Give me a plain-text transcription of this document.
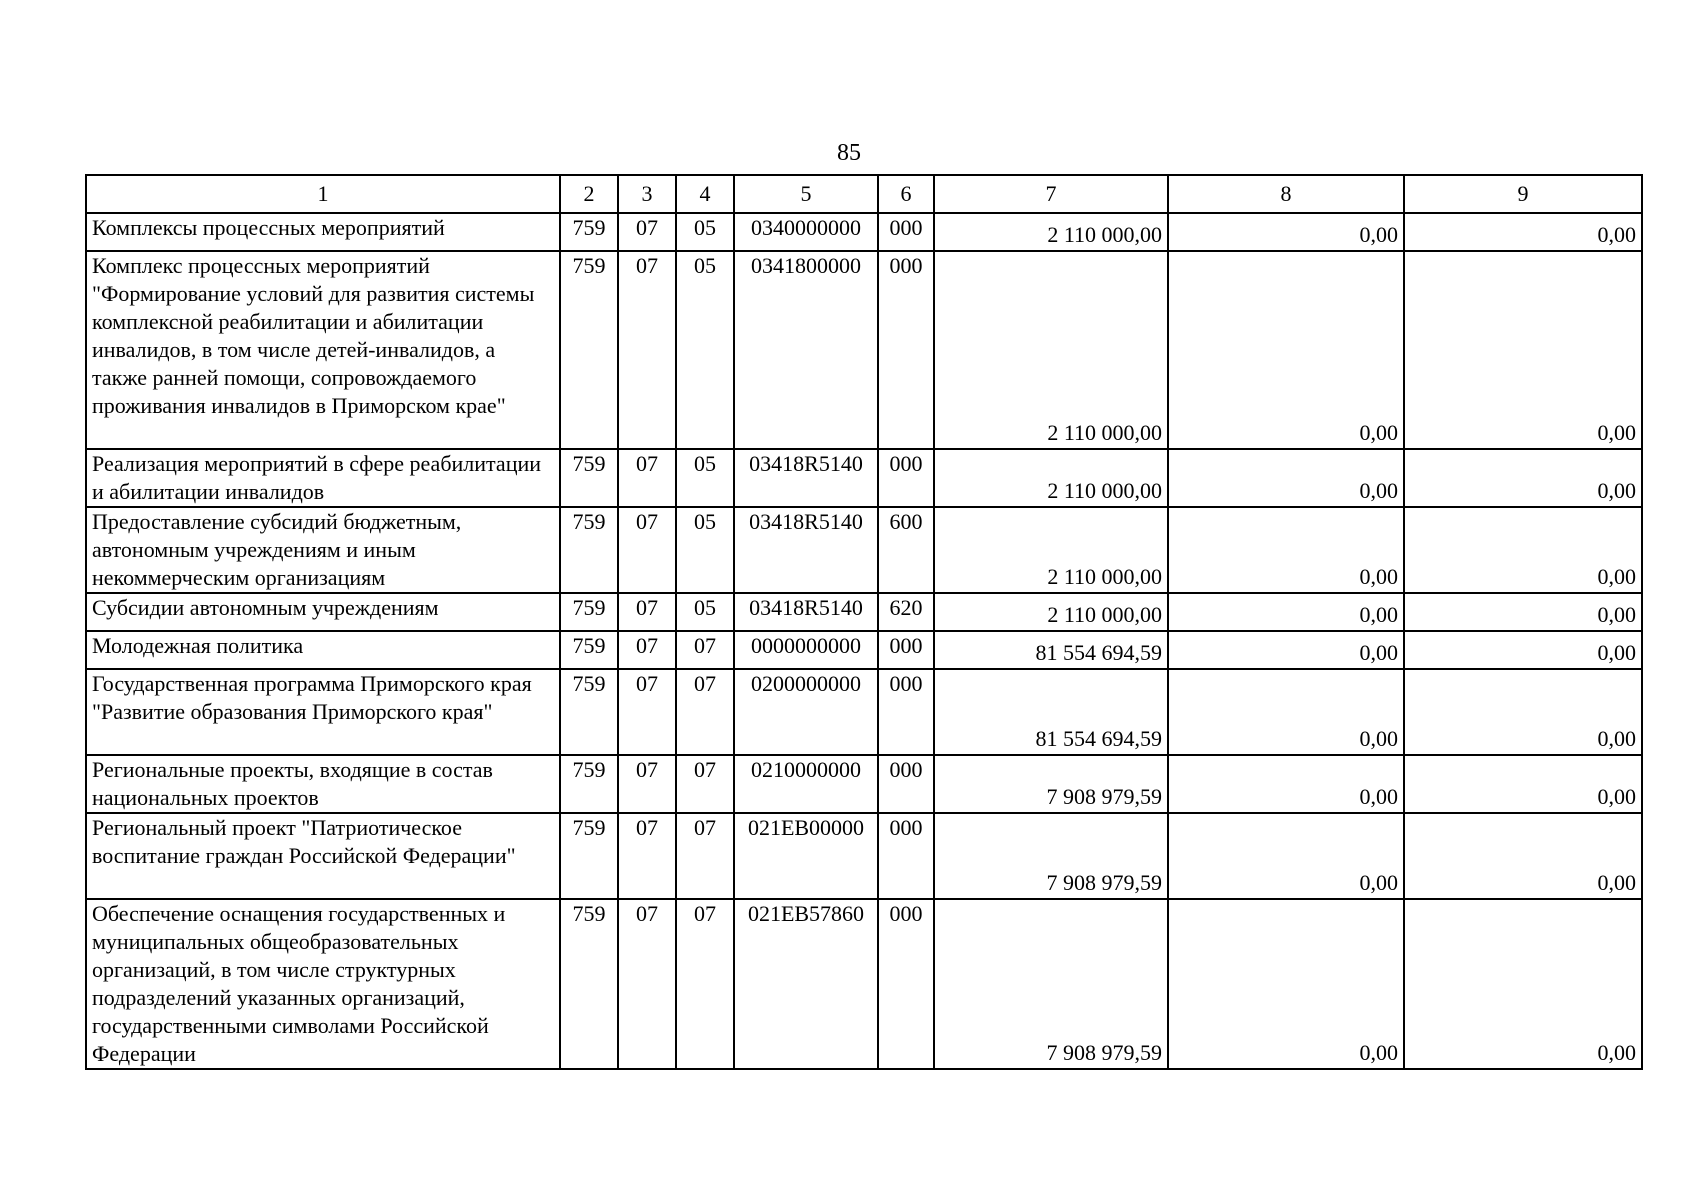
85
1	2	3	4	5	6	7	8	9
Комплексы процессных мероприятий	759	07	05	0340000000	000	2 110 000,00	0,00	0,00
Комплекс процессных мероприятий "Формирование условий для развития системы комплексной реабилитации и абилитации инвалидов, в том числе детей-инвалидов, а также ранней помощи, сопровождаемого проживания инвалидов в Приморском крае"	759	07	05	0341800000	000	2 110 000,00	0,00	0,00
Реализация мероприятий в сфере реабилитации и абилитации инвалидов	759	07	05	03418R5140	000	2 110 000,00	0,00	0,00
Предоставление субсидий бюджетным, автономным учреждениям и иным некоммерческим организациям	759	07	05	03418R5140	600	2 110 000,00	0,00	0,00
Субсидии автономным учреждениям	759	07	05	03418R5140	620	2 110 000,00	0,00	0,00
Молодежная политика	759	07	07	0000000000	000	81 554 694,59	0,00	0,00
Государственная программа Приморского края "Развитие образования Приморского края"	759	07	07	0200000000	000	81 554 694,59	0,00	0,00
Региональные проекты, входящие в состав национальных проектов	759	07	07	0210000000	000	7 908 979,59	0,00	0,00
Региональный проект "Патриотическое воспитание граждан Российской Федерации"	759	07	07	021EB00000	000	7 908 979,59	0,00	0,00
Обеспечение оснащения государственных и муниципальных общеобразовательных организаций, в том числе структурных подразделений указанных организаций, государственными символами Российской Федерации	759	07	07	021EB57860	000	7 908 979,59	0,00	0,00
